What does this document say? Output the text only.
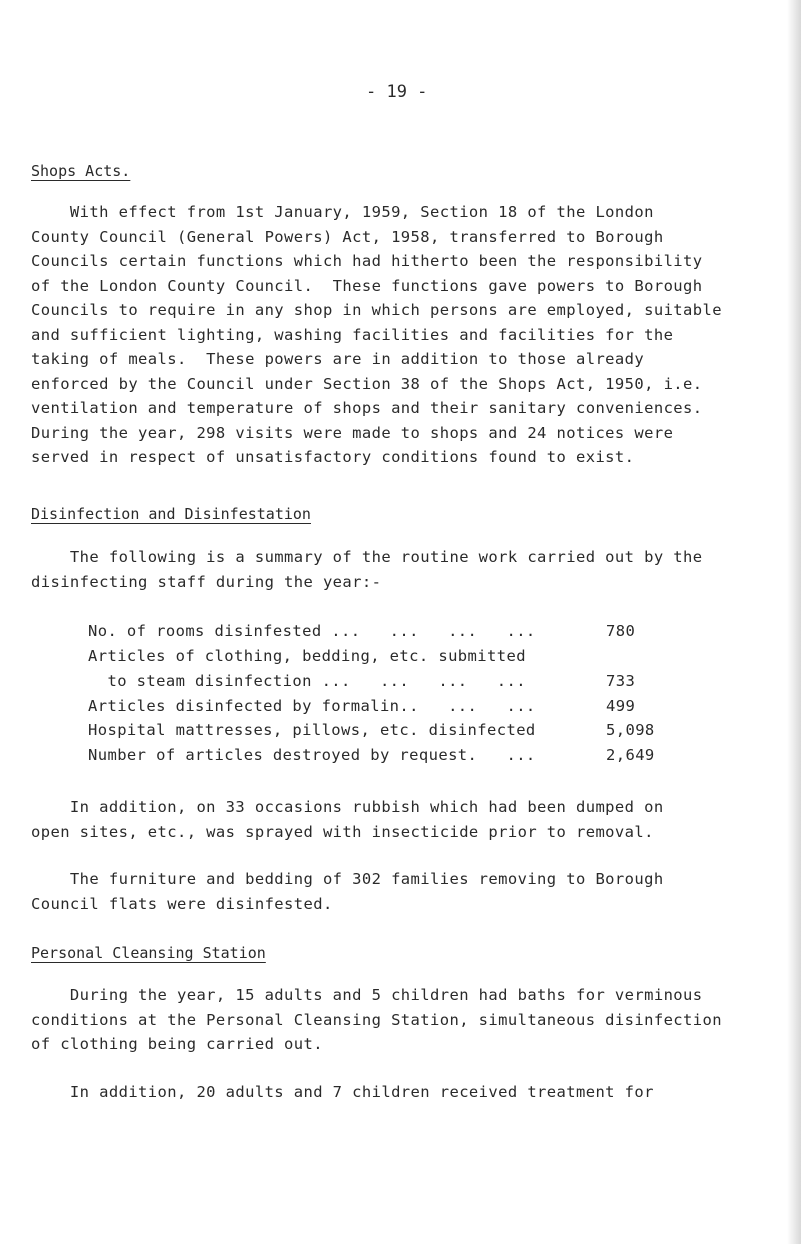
- 19 -
Shops Acts.
With effect from 1st January, 1959, Section 18 of the London
County Council (General Powers) Act, 1958, transferred to Borough
Councils certain functions which had hitherto been the responsibility
of the London County Council.  These functions gave powers to Borough
Councils to require in any shop in which persons are employed, suitable
and sufficient lighting, washing facilities and facilities for the
taking of meals.  These powers are in addition to those already
enforced by the Council under Section 38 of the Shops Act, 1950, i.e.
ventilation and temperature of shops and their sanitary conveniences.
During the year, 298 visits were made to shops and 24 notices were
served in respect of unsatisfactory conditions found to exist.
Disinfection and Disinfestation
The following is a summary of the routine work carried out by the
disinfecting staff during the year:-
No. of rooms disinfested ...   ...   ...   ...	780
Articles of clothing, bedding, etc. submitted
to steam disinfection ...   ...   ...   ...	733
Articles disinfected by formalin..   ...   ...	499
Hospital mattresses, pillows, etc. disinfected	5,098
Number of articles destroyed by request.   ...	2,649
In addition, on 33 occasions rubbish which had been dumped on
open sites, etc., was sprayed with insecticide prior to removal.
The furniture and bedding of 302 families removing to Borough
Council flats were disinfested.
Personal Cleansing Station
During the year, 15 adults and 5 children had baths for verminous
conditions at the Personal Cleansing Station, simultaneous disinfection
of clothing being carried out.
In addition, 20 adults and 7 children received treatment for
